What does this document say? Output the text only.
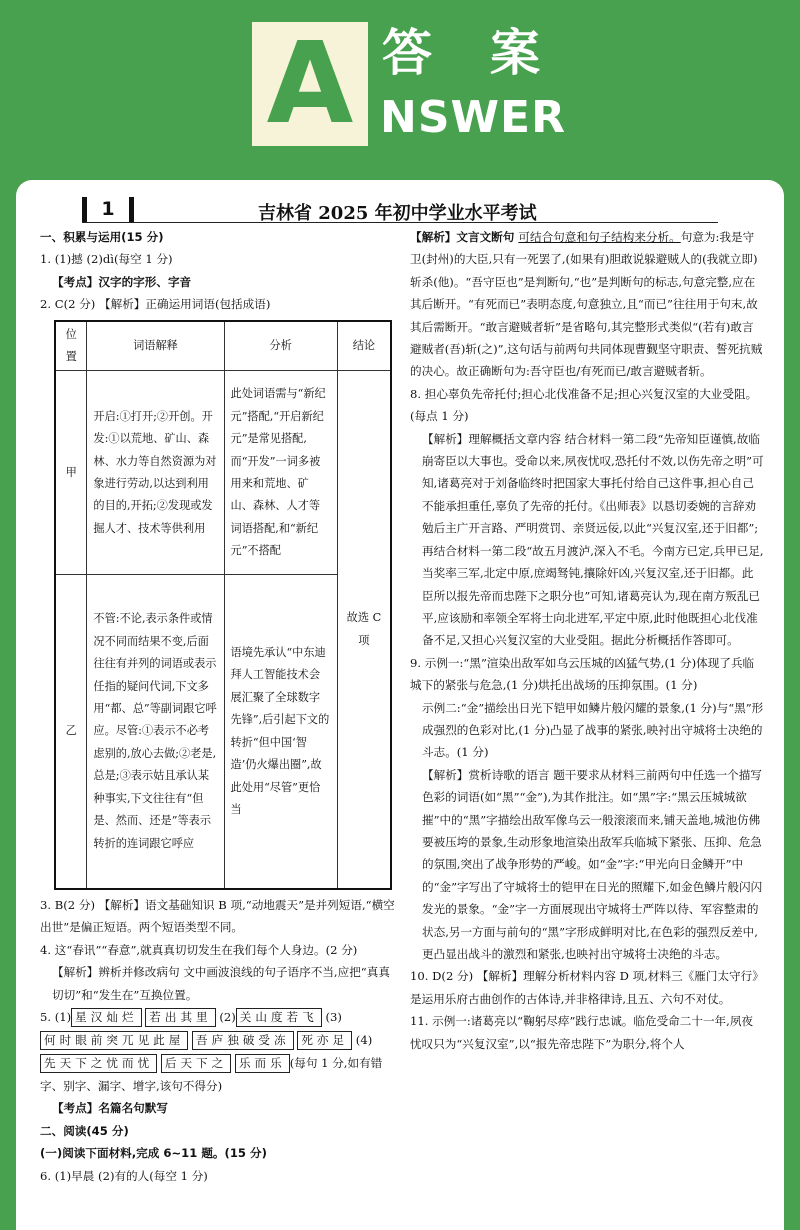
A 答案
NSWER
1	吉林省 2025 年初中学业水平考试

一、积累与运用(15 分)

1. (1)撼 (2)dì(每空 1 分)

【考点】汉字的字形、字音

2. C(2 分) 【解析】正确运用词语(包括成语)

位置	词语解释	分析	结论
甲	开启:①打开;②开创。开发:①以荒地、矿山、森林、水力等自然资源为对象进行劳动,以达到利用的目的,开拓;②发现或发掘人才、技术等供利用	此处词语需与“新纪元”搭配,“开启新纪元”是常见搭配,而“开发”一词多被用来和荒地、矿山、森林、人才等词语搭配,和“新纪元”不搭配	故选 C 项
乙	不管:不论,表示条件或情况不同而结果不变,后面往往有并列的词语或表示任指的疑问代词,下文多用“都、总”等副词跟它呼应。尽管:①表示不必考虑别的,放心去做;②老是,总是;③表示姑且承认某种事实,下文往往有“但是、然而、还是”等表示转折的连词跟它呼应	语境先承认“中东迪拜人工智能技术会展汇聚了全球数字先锋”,后引起下文的转折“但中国‘智造’仍火爆出圈”,故此处用“尽管”更恰当	

3. B(2 分) 【解析】语文基础知识 B 项,“动地震天”是并列短语,“横空出世”是偏正短语。两个短语类型不同。

4. 这“春讯”“春意”,就真真切切发生在我们每个人身边。(2 分)

【解析】辨析并修改病句 文中画波浪线的句子语序不当,应把“真真切切”和“发生在”互换位置。

5. (1) 星汉灿烂 若出其里 (2) 关山度若飞 (3)何时眼前突兀见此屋 吾庐独破受冻 死亦足 (4)先天下之忧而忧 后天下之 乐而乐 (每句 1 分,如有错字、别字、漏字、增字,该句不得分)

【考点】名篇名句默写

二、阅读(45 分)

(一)阅读下面材料,完成 6~11 题。(15 分)

6. (1)早晨 (2)有的人(每空 1 分)

【解析】文言文断句 可结合句意和句子结构来分析。句意为:我是守卫(封州)的大臣,只有一死罢了,(如果有)胆敢说躲避贼人的(我就立即)斩杀(他)。“吾守臣也”是判断句,“也”是判断句的标志,句意完整,应在其后断开。“有死而已”表明态度,句意独立,且“而已”往往用于句末,故其后需断开。“敢言避贼者斩”是省略句,其完整形式类似“(若有)敢言避贼者(吾)斩(之)”,这句话与前两句共同体现曹觐坚守职责、誓死抗贼的决心。故正确断句为:吾守臣也/有死而已/敢言避贼者斩。

8. 担心辜负先帝托付;担心北伐准备不足;担心兴复汉室的大业受阻。(每点 1 分)

【解析】理解概括文章内容 结合材料一第二段“先帝知臣谨慎,故临崩寄臣以大事也。受命以来,夙夜忧叹,恐托付不效,以伤先帝之明”可知,诸葛亮对于刘备临终时把国家大事托付给自己这件事,担心自己不能承担重任,辜负了先帝的托付。《出师表》以恳切委婉的言辞劝勉后主广开言路、严明赏罚、亲贤远佞,以此“兴复汉室,还于旧都”;再结合材料一第二段“故五月渡泸,深入不毛。今南方已定,兵甲已足,当奖率三军,北定中原,庶竭驽钝,攘除奸凶,兴复汉室,还于旧都。此臣所以报先帝而忠陛下之职分也”可知,诸葛亮认为,现在南方叛乱已平,应该励和率领全军将士向北进军,平定中原,此时他既担心北伐准备不足,又担心兴复汉室的大业受阻。据此分析概括作答即可。

9. 示例一:“黑”渲染出敌军如乌云压城的凶猛气势,(1 分)体现了兵临城下的紧张与危急,(1 分)烘托出战场的压抑氛围。(1 分)

示例二:“金”描绘出日光下铠甲如鳞片般闪耀的景象,(1 分)与“黑”形成强烈的色彩对比,(1 分)凸显了战事的紧张,映衬出守城将士决绝的斗志。(1 分)

【解析】赏析诗歌的语言 题干要求从材料三前两句中任选一个描写色彩的词语(如“黑”“金”),为其作批注。如“黑”字:“黑云压城城欲摧”中的“黑”字描绘出敌军像乌云一般滚滚而来,铺天盖地,城池仿佛要被压垮的景象,生动形象地渲染出敌军兵临城下紧张、压抑、危急的氛围,突出了战争形势的严峻。如“金”字:“甲光向日金鳞开”中的“金”字写出了守城将士的铠甲在日光的照耀下,如金色鳞片般闪闪发光的景象。“金”字一方面展现出守城将士严阵以待、军容整肃的状态,另一方面与前句的“黑”字形成鲜明对比,在色彩的强烈反差中,更凸显出战斗的激烈和紧张,也映衬出守城将士决绝的斗志。

10. D(2 分) 【解析】理解分析材料内容 D 项,材料三《雁门太守行》是运用乐府古曲创作的古体诗,并非格律诗,且五、六句不对仗。

11. 示例一:诸葛亮以“鞠躬尽瘁”践行忠诚。临危受命二十一年,夙夜忧叹只为“兴复汉室”,以“报先帝忠陛下”为职分,将个人
